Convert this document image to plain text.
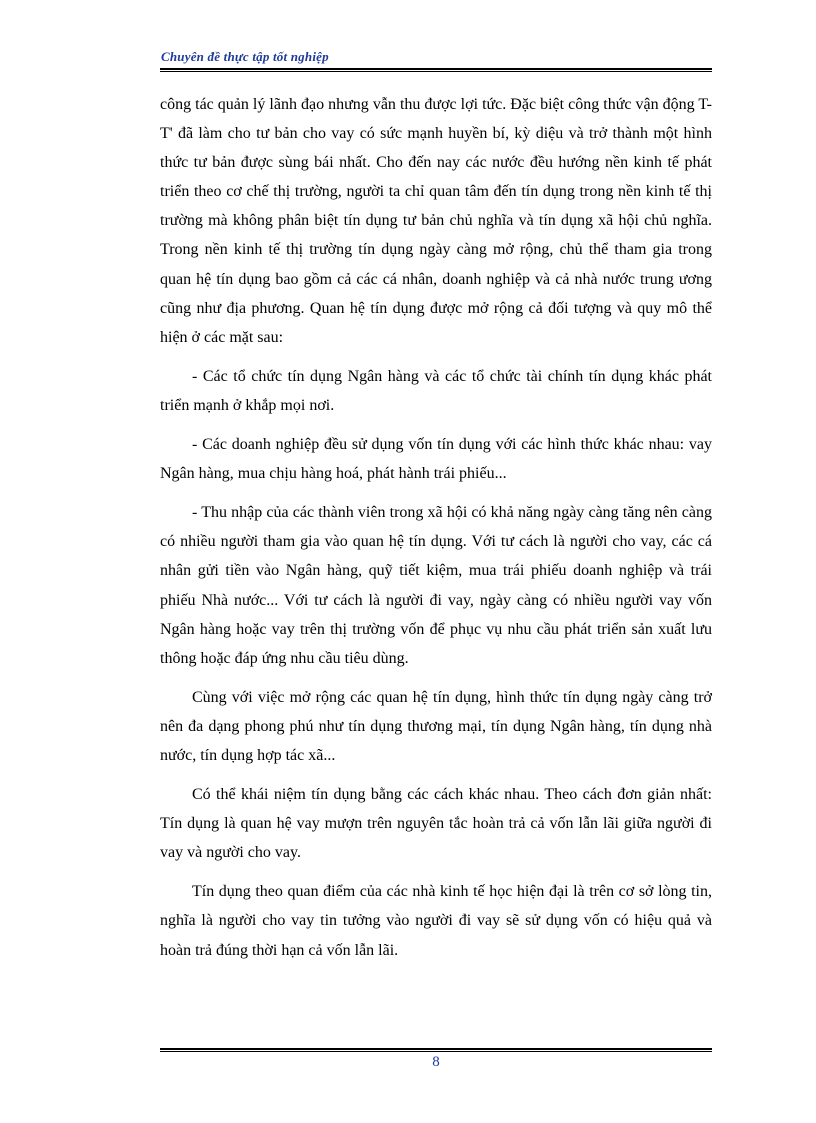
Chuyên đề thực tập tốt nghiệp

công tác quản lý lãnh đạo nhưng vẫn thu được lợi tức. Đặc biệt công thức vận động T- T' đã làm cho tư bản cho vay có sức mạnh huyền bí, kỳ diệu và trở thành một hình thức tư bản được sùng bái nhất. Cho đến nay các nước đều hướng nền kinh tế phát triển theo cơ chế thị trường, người ta chỉ quan tâm đến tín dụng trong nền kinh tế thị trường mà không phân biệt tín dụng tư bản chủ nghĩa và tín dụng xã hội chủ nghĩa. Trong nền kinh tế thị trường tín dụng ngày càng mở rộng, chủ thể tham gia trong quan hệ tín dụng bao gồm cả các cá nhân, doanh nghiệp và cả nhà nước trung ương cũng như địa phương. Quan hệ tín dụng được mở rộng cả đối tượng và quy mô thể hiện ở các mặt sau:

- Các tổ chức tín dụng Ngân hàng và các tổ chức tài chính tín dụng khác phát triển mạnh ở khắp mọi nơi.

- Các doanh nghiệp đều sử dụng vốn tín dụng với các hình thức khác nhau: vay Ngân hàng, mua chịu hàng hoá, phát hành trái phiếu...

- Thu nhập của các thành viên trong xã hội có khả năng ngày càng tăng nên càng có nhiều người tham gia vào quan hệ tín dụng. Với tư cách là người cho vay, các cá nhân gửi tiền vào Ngân hàng, quỹ tiết kiệm, mua trái phiếu doanh nghiệp và trái phiếu Nhà nước... Với tư cách là người đi vay, ngày càng có nhiều người vay vốn Ngân hàng hoặc vay trên thị trường vốn để phục vụ nhu cầu phát triển sản xuất lưu thông hoặc đáp ứng nhu cầu tiêu dùng.

Cùng với việc mở rộng các quan hệ tín dụng, hình thức tín dụng ngày càng trở nên đa dạng phong phú như tín dụng thương mại, tín dụng Ngân hàng, tín dụng nhà nước, tín dụng hợp tác xã...

Có thể khái niệm tín dụng bằng các cách khác nhau. Theo cách đơn giản nhất: Tín dụng là quan hệ vay mượn trên nguyên tắc hoàn trả cả vốn lẫn lãi giữa người đi vay và người cho vay.

Tín dụng theo quan điểm của các nhà kinh tế học hiện đại là trên cơ sở lòng tin, nghĩa là người cho vay tin tưởng vào người đi vay sẽ sử dụng vốn có hiệu quả và hoàn trả đúng thời hạn cả vốn lẫn lãi.

8
